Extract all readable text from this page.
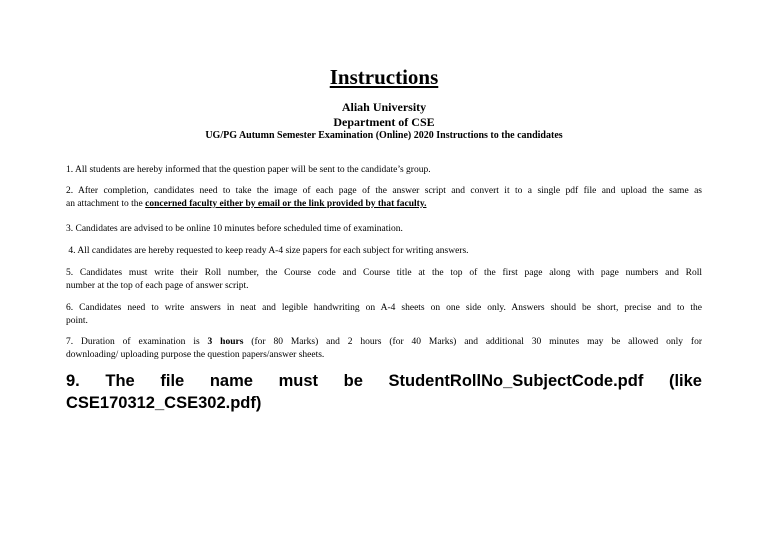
Instructions
Aliah University
Department of CSE
UG/PG Autumn Semester Examination (Online) 2020 Instructions to the candidates
1. All students are hereby informed that the question paper will be sent to the candidate’s group.
2. After completion, candidates need to take the image of each page of the answer script and convert it to a single pdf file and upload the same as
an attachment to the concerned faculty either by email or the link provided by that faculty.
3. Candidates are advised to be online 10 minutes before scheduled time of examination.
4. All candidates are hereby requested to keep ready A-4 size papers for each subject for writing answers.
5. Candidates must write their Roll number, the Course code and Course title at the top of the first page along with page numbers and Roll
number at the top of each page of answer script.
6. Candidates need to write answers in neat and legible handwriting on A-4 sheets on one side only. Answers should be short, precise and to the
point.
7. Duration of examination is 3 hours (for 80 Marks) and 2 hours (for 40 Marks) and additional 30 minutes may be allowed only for
downloading/ uploading purpose the question papers/answer sheets.
9. The file name must be StudentRollNo_SubjectCode.pdf (like
CSE170312_CSE302.pdf)
